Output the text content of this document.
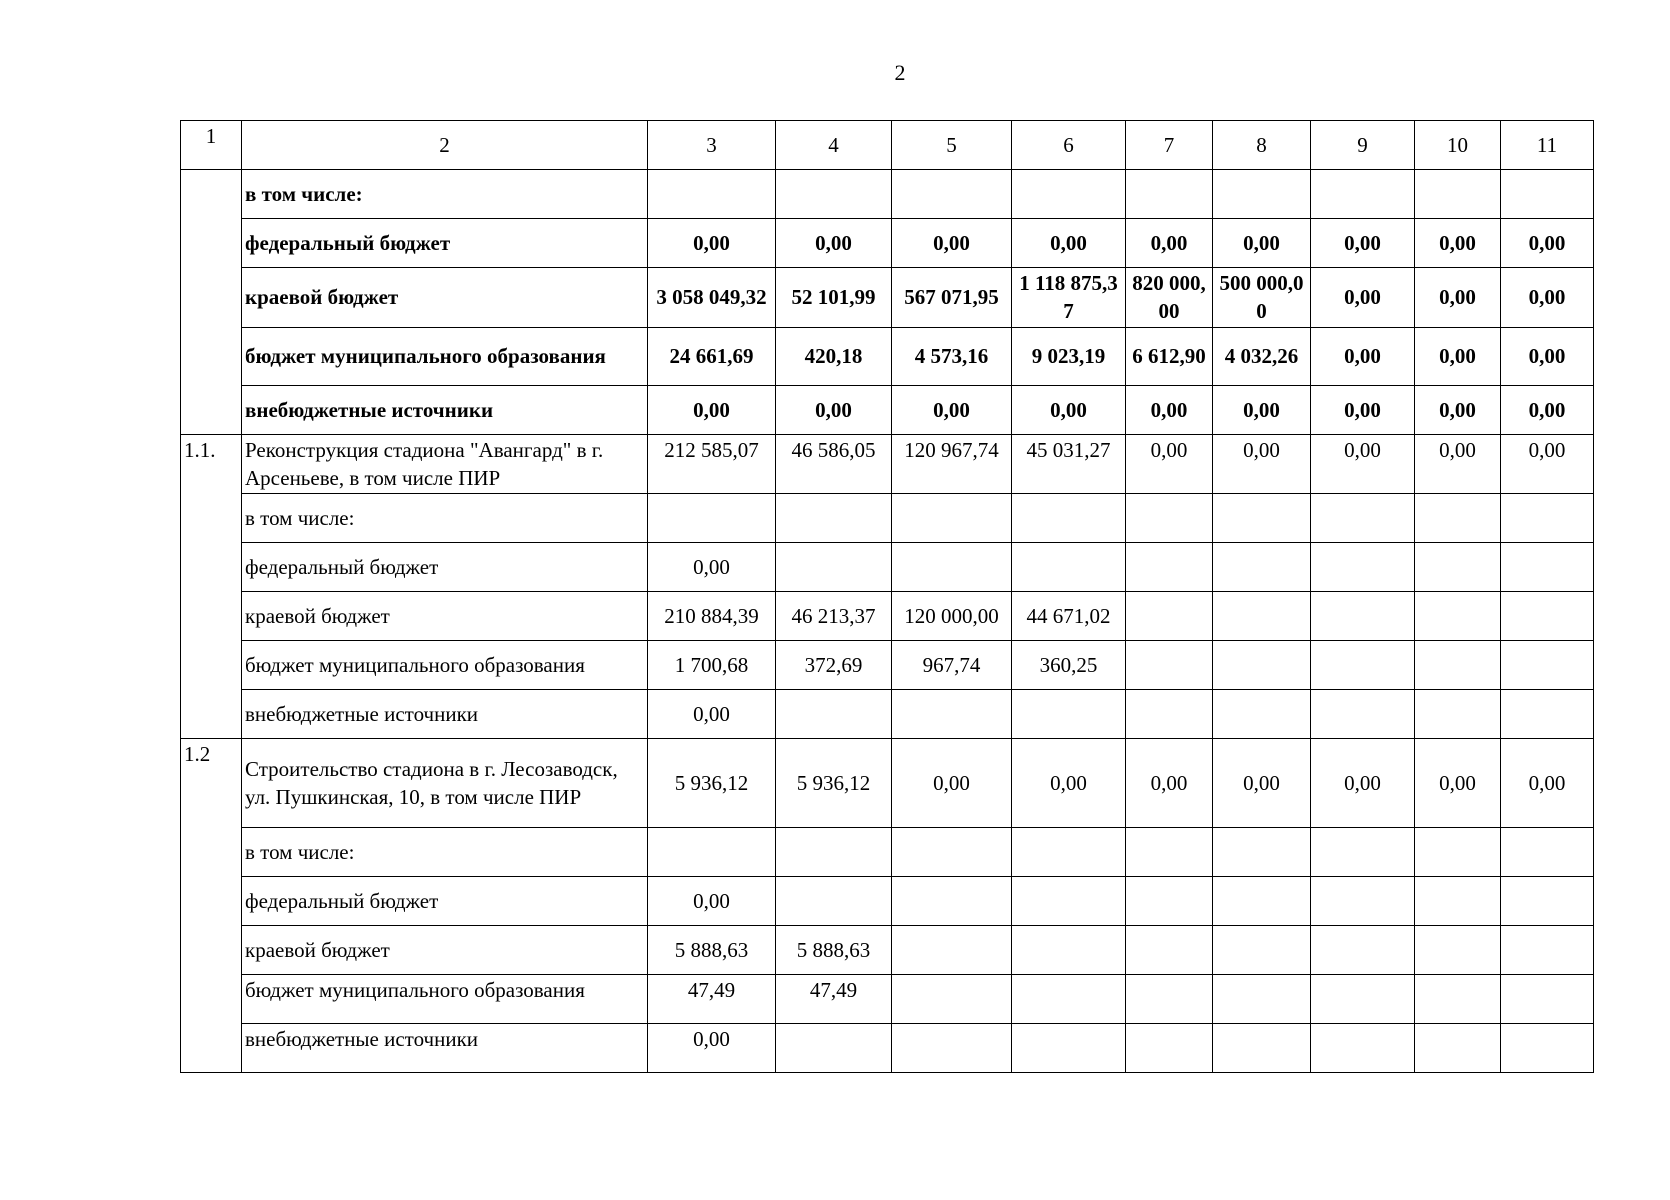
2
1	2	3	4	5	6	7	8	9	10	11
	в том числе:									
	федеральный бюджет	0,00	0,00	0,00	0,00	0,00	0,00	0,00	0,00	0,00
	краевой бюджет	3 058 049,32	52 101,99	567 071,95	1 118 875,37	820 000,00	500 000,00	0,00	0,00	0,00
	бюджет муниципального образования	24 661,69	420,18	4 573,16	9 023,19	6 612,90	4 032,26	0,00	0,00	0,00
	внебюджетные источники	0,00	0,00	0,00	0,00	0,00	0,00	0,00	0,00	0,00
1.1.	Реконструкция стадиона "Авангард" в г. Арсеньеве, в том числе ПИР	212 585,07	46 586,05	120 967,74	45 031,27	0,00	0,00	0,00	0,00	0,00
	в том числе:									
	федеральный бюджет	0,00								
	краевой бюджет	210 884,39	46 213,37	120 000,00	44 671,02					
	бюджет муниципального образования	1 700,68	372,69	967,74	360,25					
	внебюджетные источники	0,00								
1.2	Строительство стадиона в г. Лесозаводск, ул. Пушкинская, 10, в том числе ПИР	5 936,12	5 936,12	0,00	0,00	0,00	0,00	0,00	0,00	0,00
	в том числе:									
	федеральный бюджет	0,00								
	краевой бюджет	5 888,63	5 888,63							
	бюджет муниципального образования	47,49	47,49							
	внебюджетные источники	0,00								
